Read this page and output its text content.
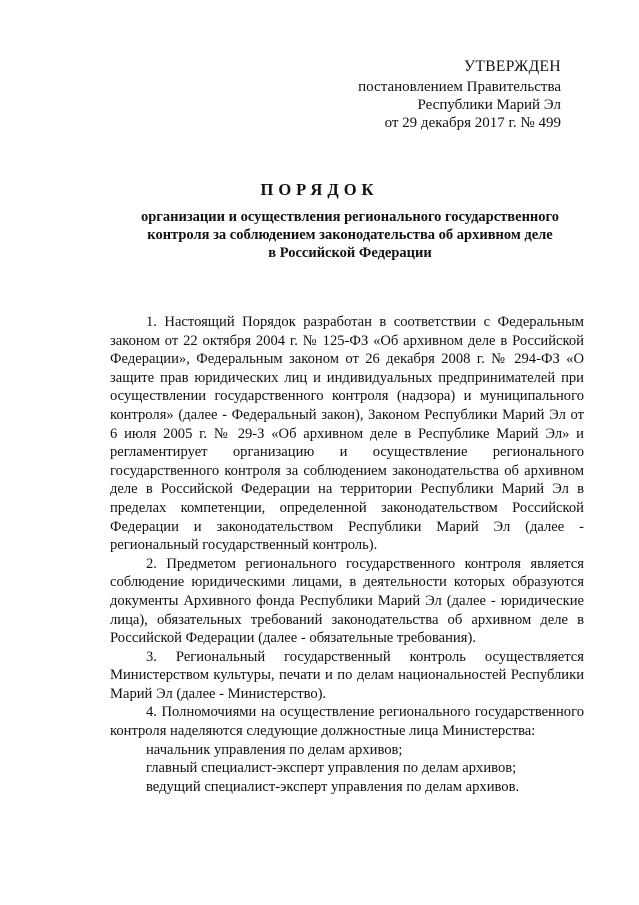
УТВЕРЖДЕН
постановлением Правительства
Республики Марий Эл
от 29 декабря 2017 г. № 499
ПОРЯДОК
организации и осуществления регионального государственного
контроля за соблюдением законодательства об архивном деле
в Российской Федерации

1. Настоящий Порядок разработан в соответствии с Федеральным законом от 22 октября 2004 г. № 125-ФЗ «Об архивном деле в Российской Федерации», Федеральным законом от 26 декабря 2008 г. № 294-ФЗ «О защите прав юридических лиц и индивидуальных предпринимателей при осуществлении государственного контроля (надзора) и муниципального контроля» (далее - Федеральный закон), Законом Республики Марий Эл от 6 июля 2005 г. № 29-З «Об архивном деле в Республике Марий Эл» и регламентирует организацию и осуществление регионального государственного контроля за соблюдением законодательства об архивном деле в Российской Федерации на территории Республики Марий Эл в пределах компетенции, определенной законодательством Российской Федерации и законодательством Республики Марий Эл (далее - региональный государственный контроль).

2. Предметом регионального государственного контроля является соблюдение юридическими лицами, в деятельности которых образуются документы Архивного фонда Республики Марий Эл (далее - юридические лица), обязательных требований законодательства об архивном деле в Российской Федерации (далее - обязательные требования).

3. Региональный государственный контроль осуществляется Министерством культуры, печати и по делам национальностей Республики Марий Эл (далее - Министерство).

4. Полномочиями на осуществление регионального государственного контроля наделяются следующие должностные лица Министерства:

начальник управления по делам архивов;
главный специалист-эксперт управления по делам архивов;
ведущий специалист-эксперт управления по делам архивов.
